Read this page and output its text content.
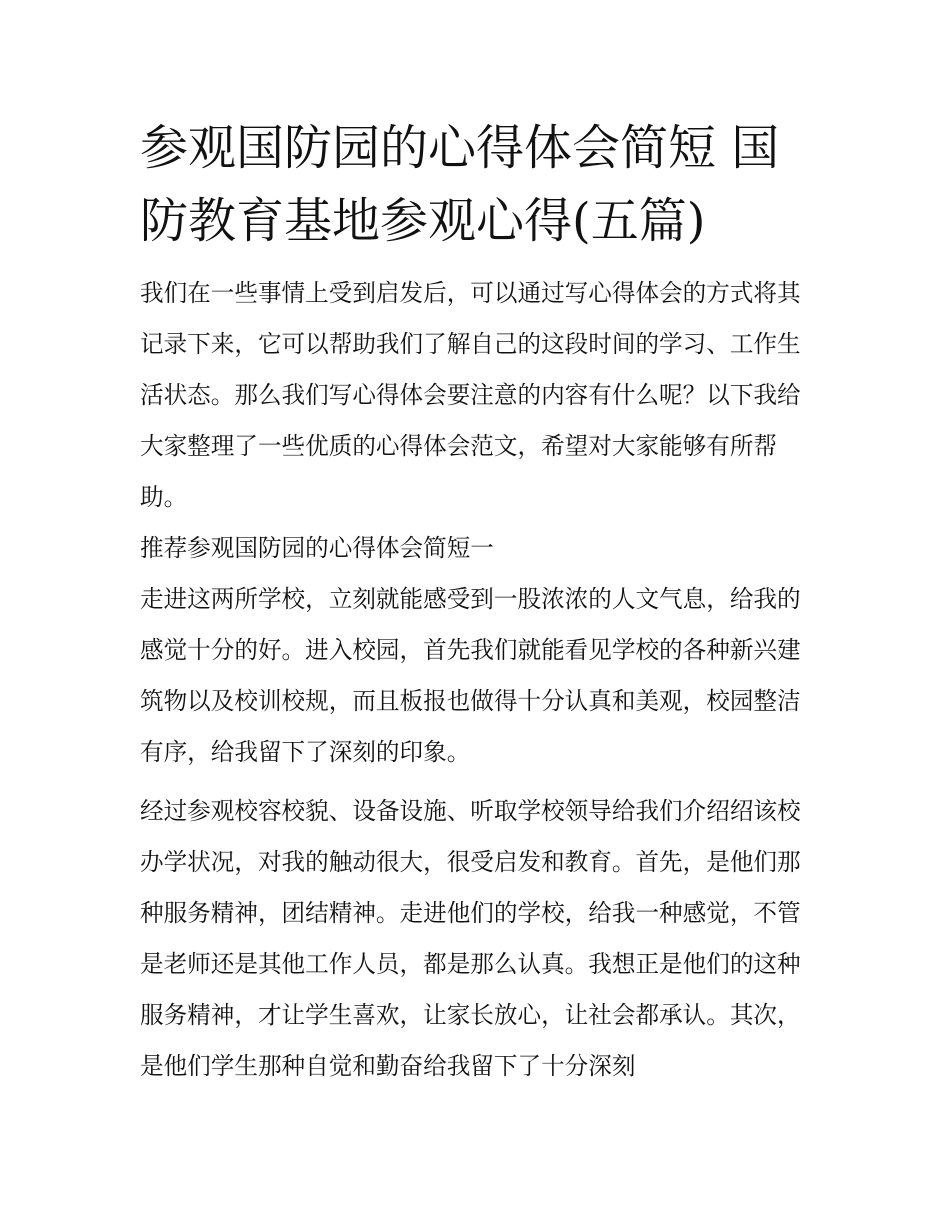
参观国防园的心得体会简短 国防教育基地参观心得(五篇)

我们在一些事情上受到启发后，可以通过写心得体会的方式将其记录下来，它可以帮助我们了解自己的这段时间的学习、工作生活状态。那么我们写心得体会要注意的内容有什么呢？以下我给大家整理了一些优质的心得体会范文，希望对大家能够有所帮助。

推荐参观国防园的心得体会简短一

走进这两所学校，立刻就能感受到一股浓浓的人文气息，给我的感觉十分的好。进入校园，首先我们就能看见学校的各种新兴建筑物以及校训校规，而且板报也做得十分认真和美观，校园整洁有序，给我留下了深刻的印象。

经过参观校容校貌、设备设施、听取学校领导给我们介绍绍该校办学状况，对我的触动很大，很受启发和教育。首先，是他们那种服务精神，团结精神。走进他们的学校，给我一种感觉，不管是老师还是其他工作人员，都是那么认真。我想正是他们的这种服务精神，才让学生喜欢，让家长放心，让社会都承认。其次，是他们学生那种自觉和勤奋给我留下了十分深刻
